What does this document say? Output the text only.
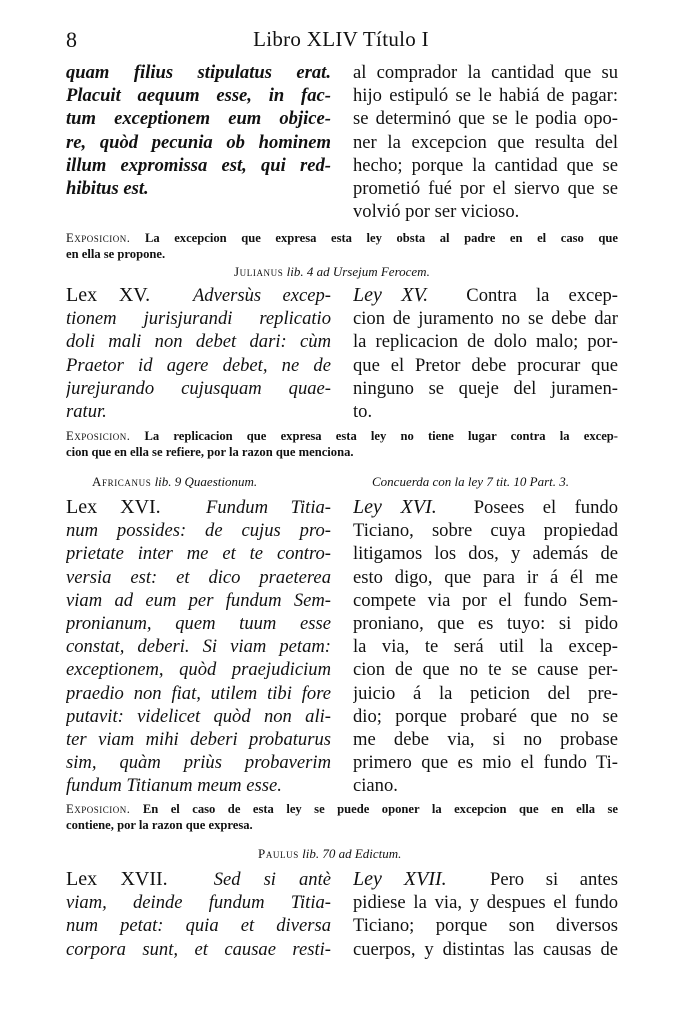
8	Libro XLIV Título I
quam filius stipulatus erat.
Placuit aequum esse, in fac-
tum exceptionem eum objice-
re, quòd pecunia ob hominem
illum expromissa est, qui red-
hibitus est.
al comprador la cantidad que su
hijo estipuló se le habiá de pagar:
se determinó que se le podia opo-
ner la excepcion que resulta del
hecho; porque la cantidad que se
prometió fué por el siervo que se
volvió por ser vicioso.
Exposicion. La excepcion que expresa esta ley obsta al padre en el caso que
en ella se propone.
Julianus lib. 4 ad Ursejum Ferocem.
Lex XV. Adversùs excep-
tionem jurisjurandi replicatio
doli mali non debet dari: cùm
Praetor id agere debet, ne de
jurejurando cujusquam quae-
ratur.
Ley XV. Contra la excep-
cion de juramento no se debe dar
la replicacion de dolo malo; por-
que el Pretor debe procurar que
ninguno se queje del juramen-
to.
Exposicion. La replicacion que expresa esta ley no tiene lugar contra la excep-
cion que en ella se refiere, por la razon que menciona.
Africanus lib. 9 Quaestionum.	Concuerda con la ley 7 tit. 10 Part. 3.
Lex XVI. Fundum Titia-
num possides: de cujus pro-
prietate inter me et te contro-
versia est: et dico praeterea
viam ad eum per fundum Sem-
pronianum, quem tuum esse
constat, deberi. Si viam petam:
exceptionem, quòd praejudicium
praedio non fiat, utilem tibi fore
putavit: videlicet quòd non ali-
ter viam mihi deberi probaturus
sim, quàm priùs probaverim
fundum Titianum meum esse.
Ley XVI. Posees el fundo
Ticiano, sobre cuya propiedad
litigamos los dos, y además de
esto digo, que para ir á él me
compete via por el fundo Sem-
proniano, que es tuyo: si pido
la via, te será util la excep-
cion de que no te se cause per-
juicio á la peticion del pre-
dio; porque probaré que no se
me debe via, si no probase
primero que es mio el fundo Ti-
ciano.
Exposicion. En el caso de esta ley se puede oponer la excepcion que en ella se
contiene, por la razon que expresa.
Paulus lib. 70 ad Edictum.
Lex XVII. Sed si antè
viam, deinde fundum Titia-
num petat: quia et diversa
corpora sunt, et causae resti-
Ley XVII. Pero si antes
pidiese la via, y despues el fundo
Ticiano; porque son diversos
cuerpos, y distintas las causas de
